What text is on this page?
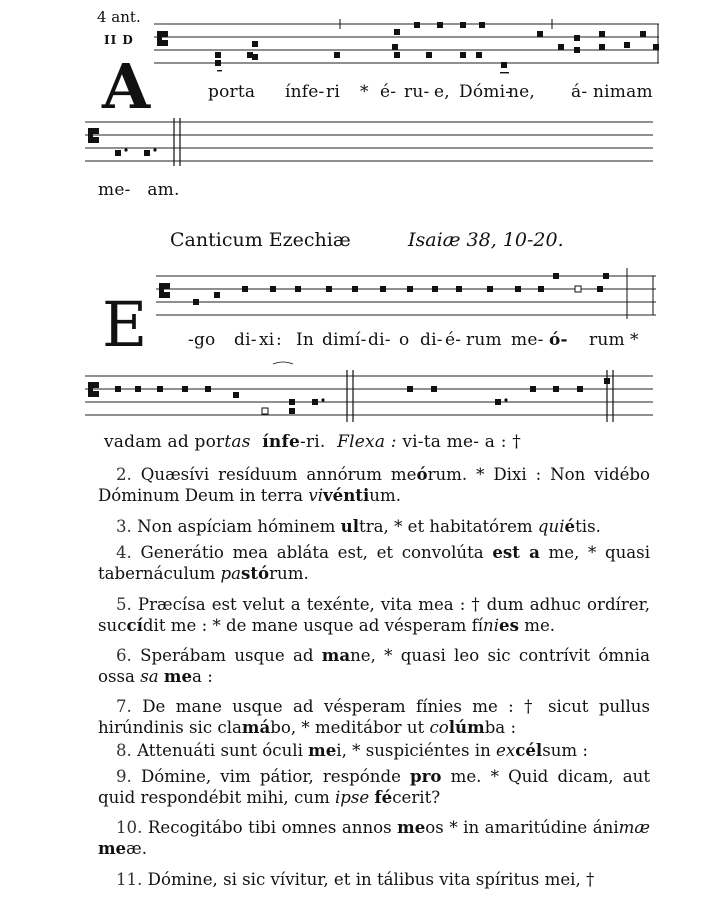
4 ant.
II D
A	porta ínfe- ri * é- ru- e, Dómi-
ne, á- nimam
me- am.
Canticum Ezechiæ	Isaiæ 38, 10-20.
E -go di- xi : In dimí- di- o di- é- rum me- ó- rum *
vadam ad portas ínfe-ri. Flexa : vi-ta me- a : †
2. Quæsívi resíduum annórum meórum. * Dixi : Non vidébo
Dóminum Deum in terra vivéntium.
3. Non aspíciam hóminem ultra, * et habitatórem quiétis.
4. Generátio mea abláta est, et convolúta est a me, * quasi
tabernáculum pastórum.
5. Præcísa est velut a texénte, vita mea : † dum adhuc ordírer,
succídit me : * de mane usque ad vésperam fínies me.
6. Sperábam usque ad mane, * quasi leo sic contrívit ómnia
ossa sa mea :
7. De mane usque ad vésperam fínies me : † sicut pullus
hirúndinis sic clamábo, * meditábor ut colúmba :
8. Attenuáti sunt óculi mei, * suspiciéntes in excélsum :
9. Dómine, vim pátior, respónde pro me. * Quid dicam, aut
quid respondébit mihi, cum ipse fécerit?
10. Recogitábo tibi omnes annos meos * in amaritúdine ánimæ
meæ.
11. Dómine, si sic vívitur, et in tálibus vita spíritus mei, †
